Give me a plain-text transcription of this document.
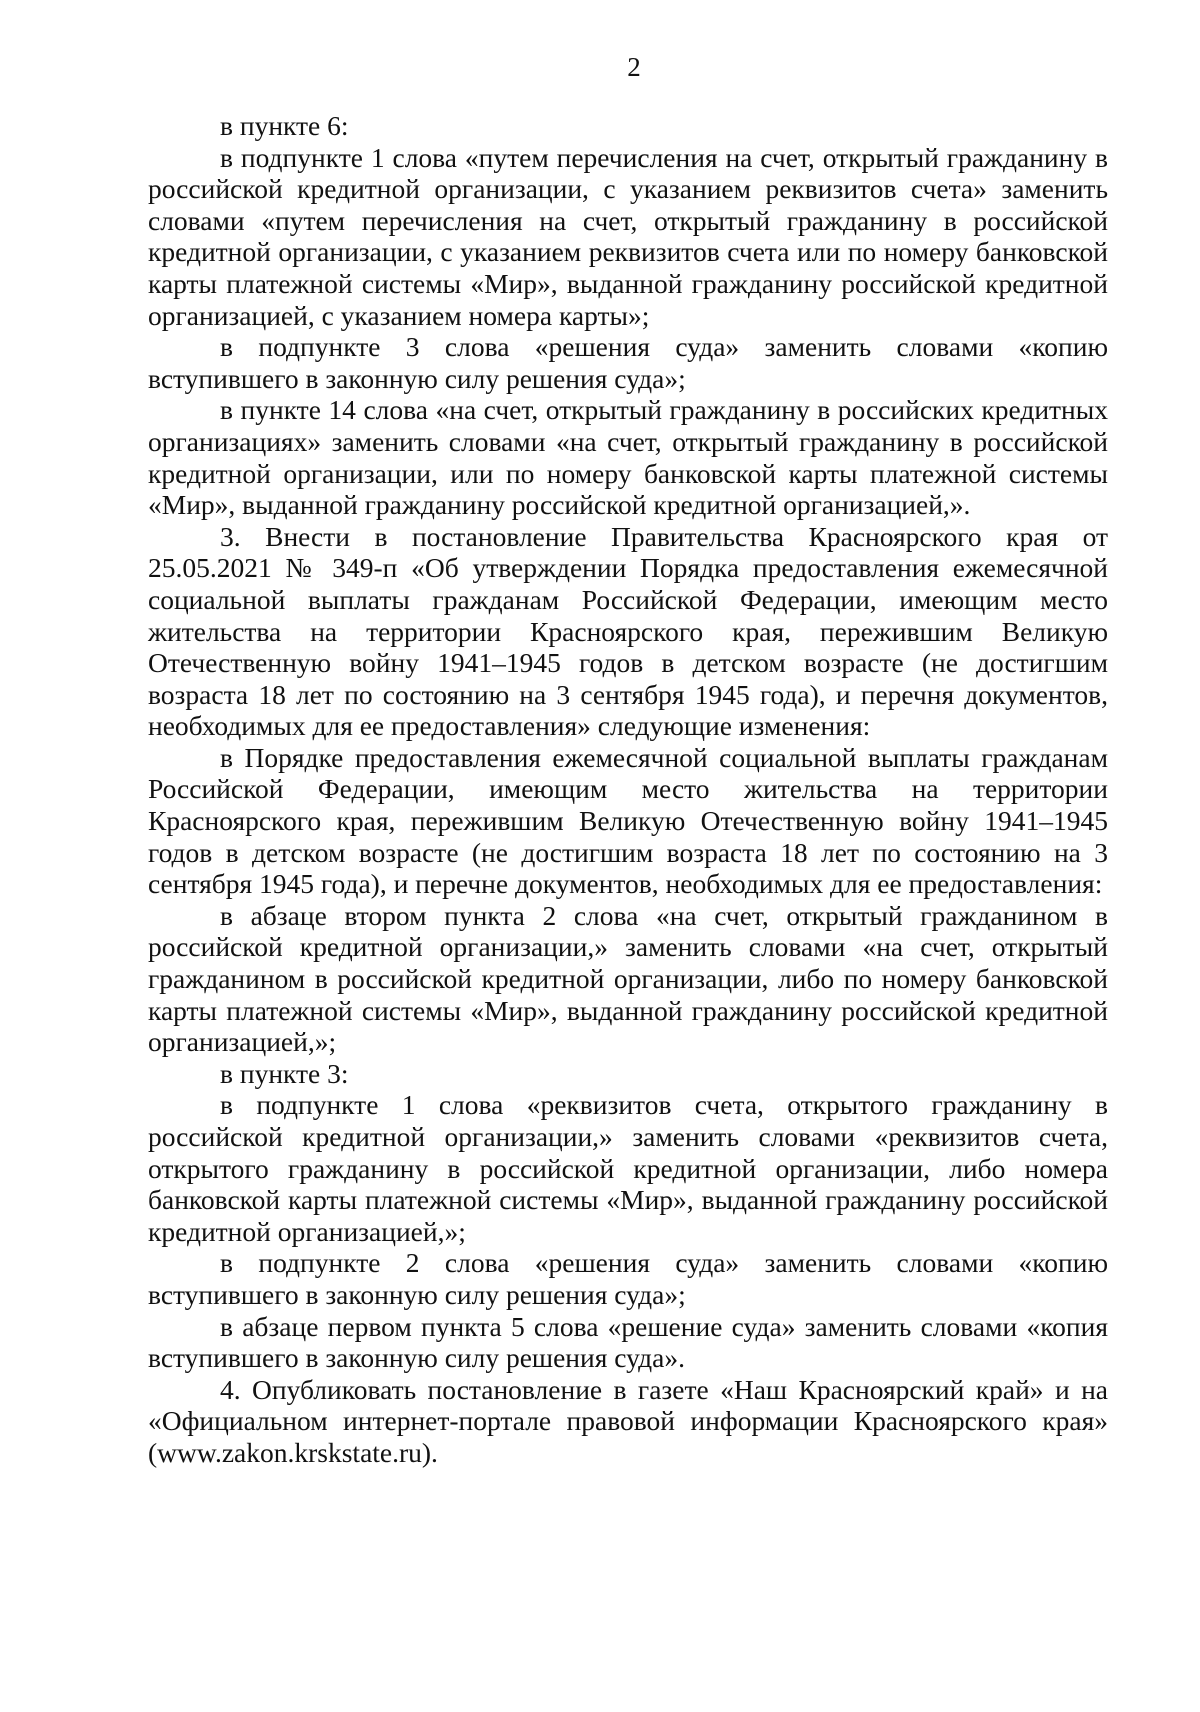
2

в пункте 6:

в подпункте 1 слова «путем перечисления на счет, открытый гражданину в российской кредитной организации, с указанием реквизитов счета» заменить словами «путем перечисления на счет, открытый гражданину в российской кредитной организации, с указанием реквизитов счета или по номеру банковской карты платежной системы «Мир», выданной гражданину российской кредитной организацией, с указанием номера карты»;

в подпункте 3 слова «решения суда» заменить словами «копию вступившего в законную силу решения суда»;

в пункте 14 слова «на счет, открытый гражданину в российских кредитных организациях» заменить словами «на счет, открытый гражданину в российской кредитной организации, или по номеру банковской карты платежной системы «Мир», выданной гражданину российской кредитной организацией,».

3. Внести в постановление Правительства Красноярского края от 25.05.2021 № 349-п «Об утверждении Порядка предоставления ежемесячной социальной выплаты гражданам Российской Федерации, имеющим место жительства на территории Красноярского края, пережившим Великую Отечественную войну 1941–1945 годов в детском возрасте (не достигшим возраста 18 лет по состоянию на 3 сентября 1945 года), и перечня документов, необходимых для ее предоставления» следующие изменения:

в Порядке предоставления ежемесячной социальной выплаты гражданам Российской Федерации, имеющим место жительства на территории Красноярского края, пережившим Великую Отечественную войну 1941–1945 годов в детском возрасте (не достигшим возраста 18 лет по состоянию на 3 сентября 1945 года), и перечне документов, необходимых для ее предоставления:

в абзаце втором пункта 2 слова «на счет, открытый гражданином в российской кредитной организации,» заменить словами «на счет, открытый гражданином в российской кредитной организации, либо по номеру банковской карты платежной системы «Мир», выданной гражданину российской кредитной организацией,»;

в пункте 3:

в подпункте 1 слова «реквизитов счета, открытого гражданину в российской кредитной организации,» заменить словами «реквизитов счета, открытого гражданину в российской кредитной организации, либо номера банковской карты платежной системы «Мир», выданной гражданину российской кредитной организацией,»;

в подпункте 2 слова «решения суда» заменить словами «копию вступившего в законную силу решения суда»;

в абзаце первом пункта 5 слова «решение суда» заменить словами «копия вступившего в законную силу решения суда».

4. Опубликовать постановление в газете «Наш Красноярский край» и на «Официальном интернет-портале правовой информации Красноярского края» (www.zakon.krskstate.ru).
